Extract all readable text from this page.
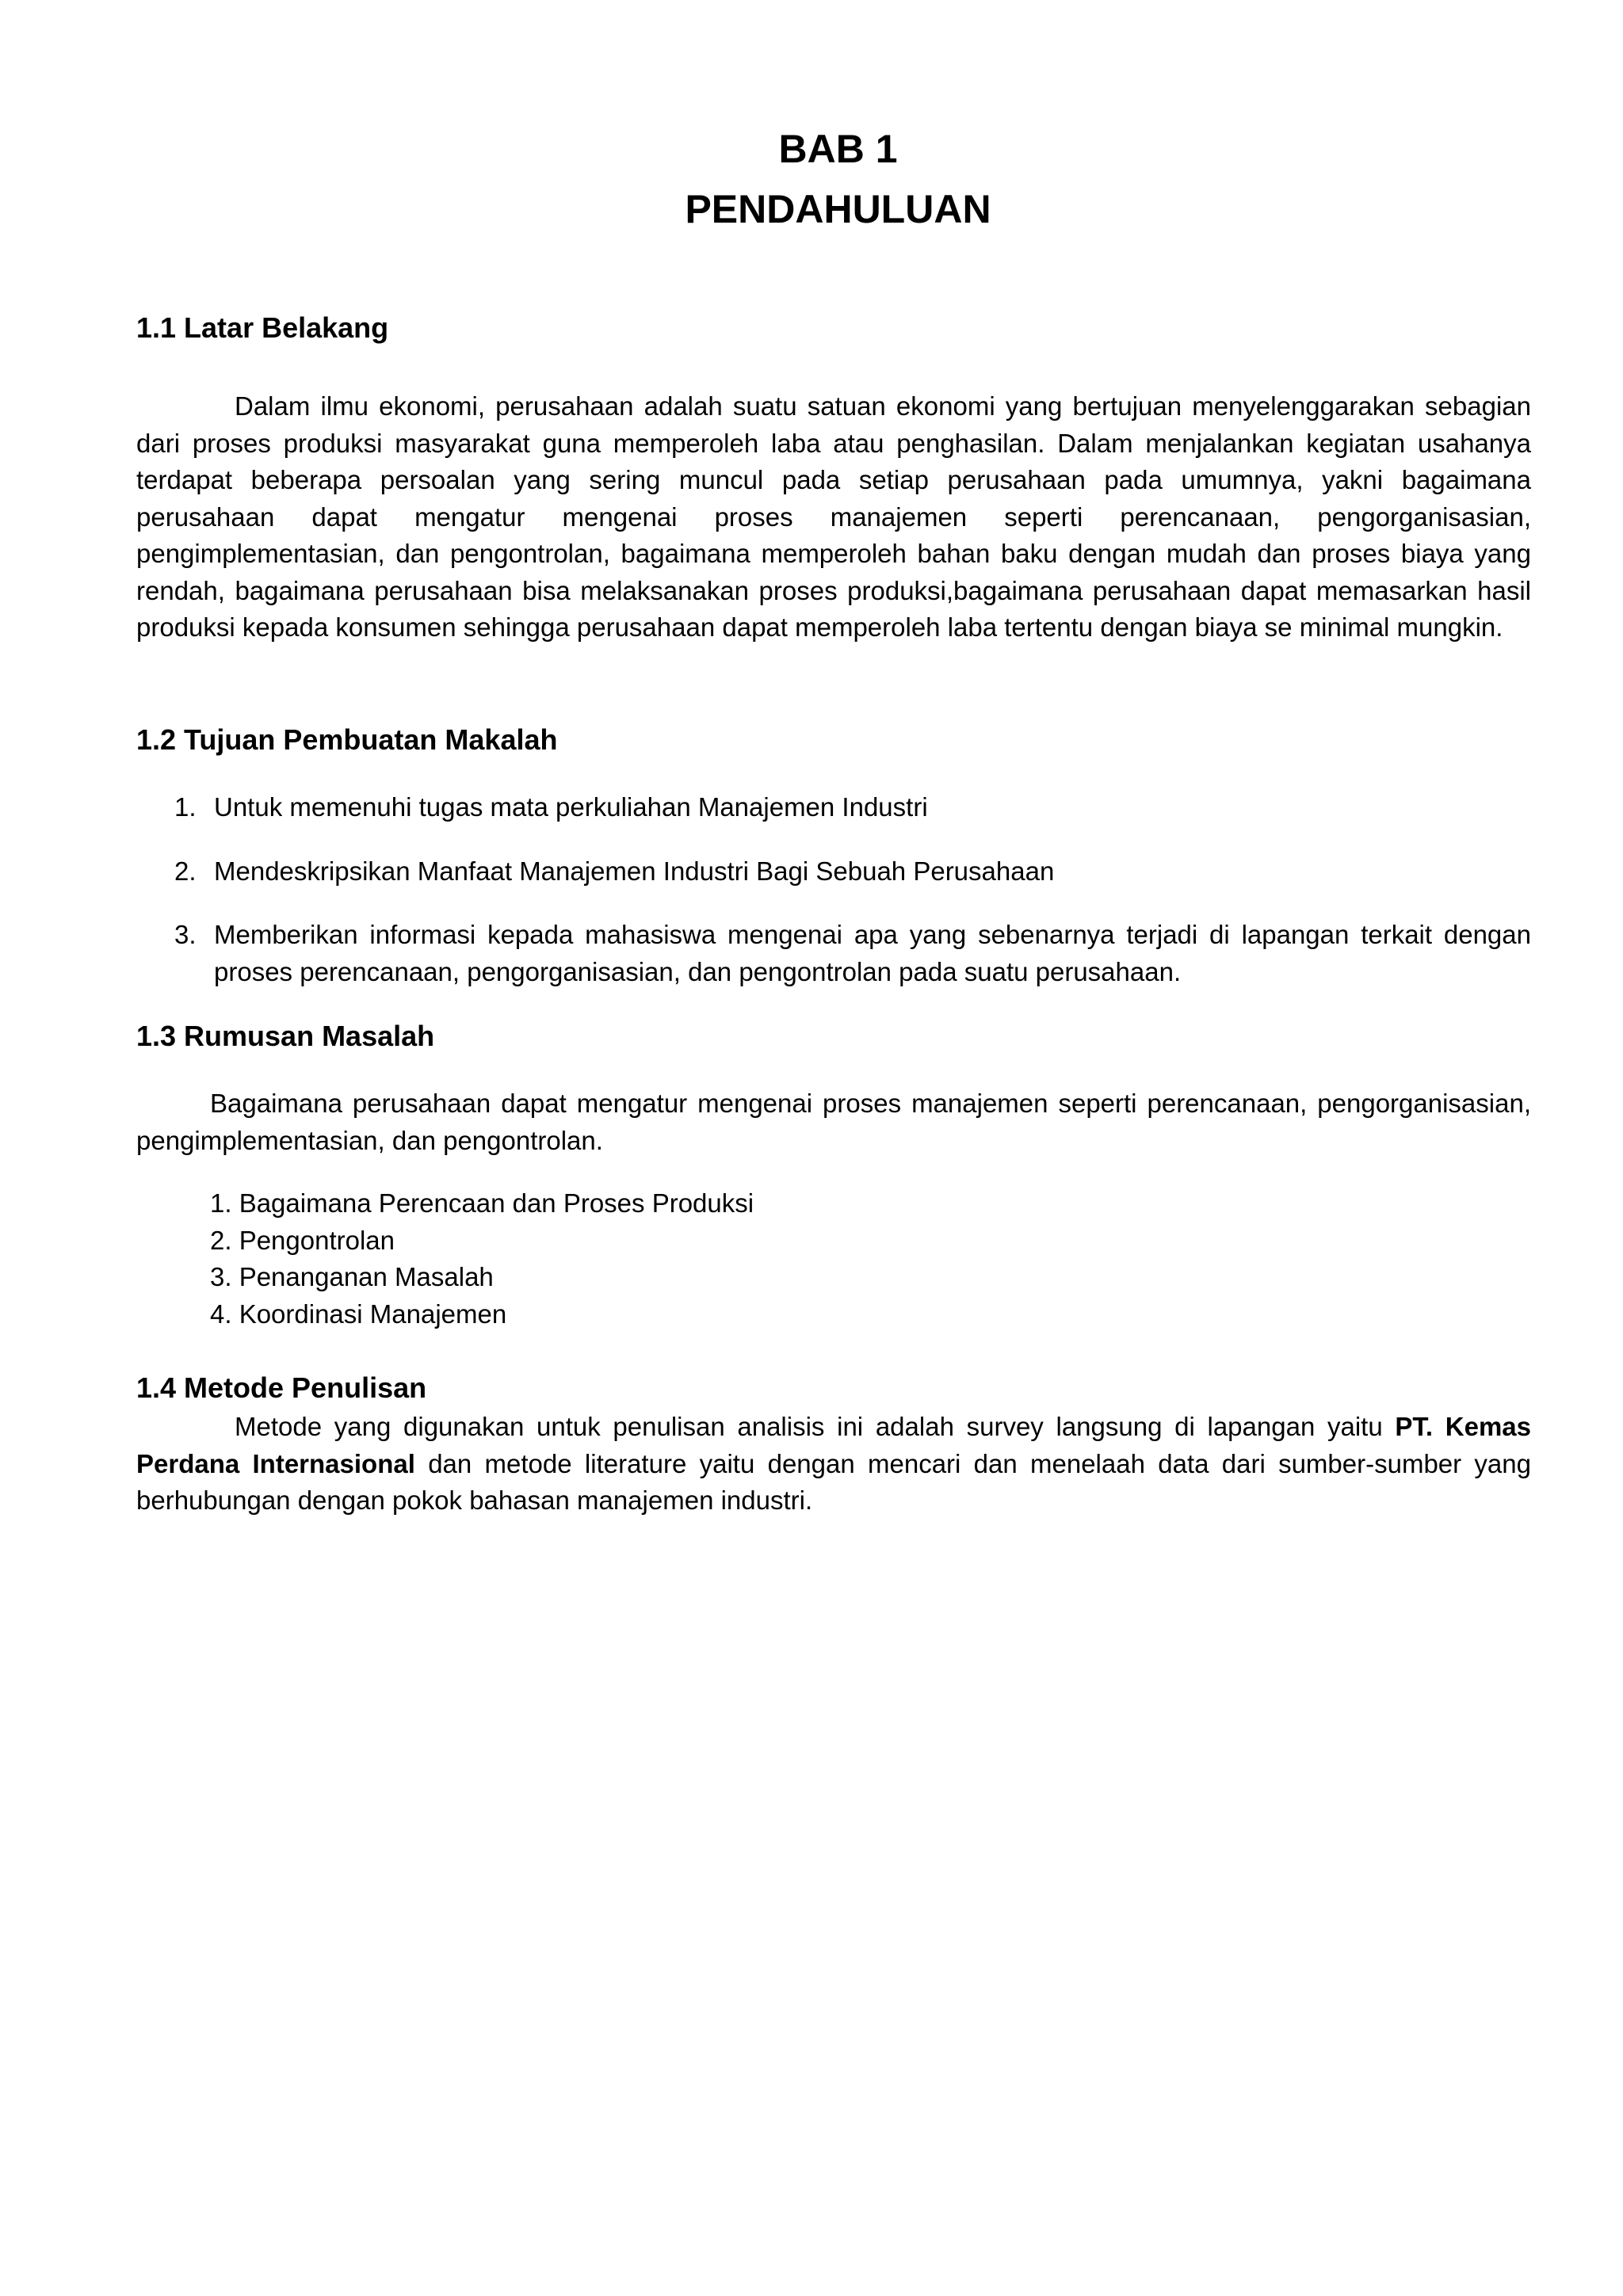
BAB 1
PENDAHULUAN
1.1 Latar Belakang

Dalam ilmu ekonomi, perusahaan adalah suatu satuan ekonomi yang bertujuan menyelenggarakan sebagian dari proses produksi masyarakat guna memperoleh laba atau penghasilan. Dalam menjalankan kegiatan usahanya terdapat beberapa persoalan yang sering muncul pada setiap perusahaan pada umumnya, yakni bagaimana perusahaan dapat mengatur mengenai proses manajemen seperti perencanaan, pengorganisasian, pengimplementasian, dan pengontrolan, bagaimana memperoleh bahan baku dengan mudah dan proses biaya yang rendah, bagaimana perusahaan bisa melaksanakan proses produksi,bagaimana perusahaan dapat memasarkan hasil produksi kepada konsumen sehingga perusahaan dapat memperoleh laba tertentu dengan biaya se minimal mungkin.

1.2 Tujuan Pembuatan Makalah
1. Untuk memenuhi tugas mata perkuliahan Manajemen Industri
2. Mendeskripsikan Manfaat Manajemen Industri Bagi Sebuah Perusahaan
3. Memberikan informasi kepada mahasiswa mengenai apa yang sebenarnya terjadi di lapangan terkait dengan proses perencanaan, pengorganisasian, dan pengontrolan pada suatu perusahaan.
1.3 Rumusan Masalah

Bagaimana perusahaan dapat mengatur mengenai proses manajemen seperti perencanaan, pengorganisasian, pengimplementasian, dan pengontrolan.

1. Bagaimana Perencaan dan Proses Produksi
2. Pengontrolan
3. Penanganan Masalah
4. Koordinasi Manajemen
1.4 Metode Penulisan

Metode yang digunakan untuk penulisan analisis ini adalah survey langsung di lapangan yaitu PT. Kemas Perdana Internasional dan metode literature yaitu dengan mencari dan menelaah data dari sumber-sumber yang berhubungan dengan pokok bahasan manajemen industri.
